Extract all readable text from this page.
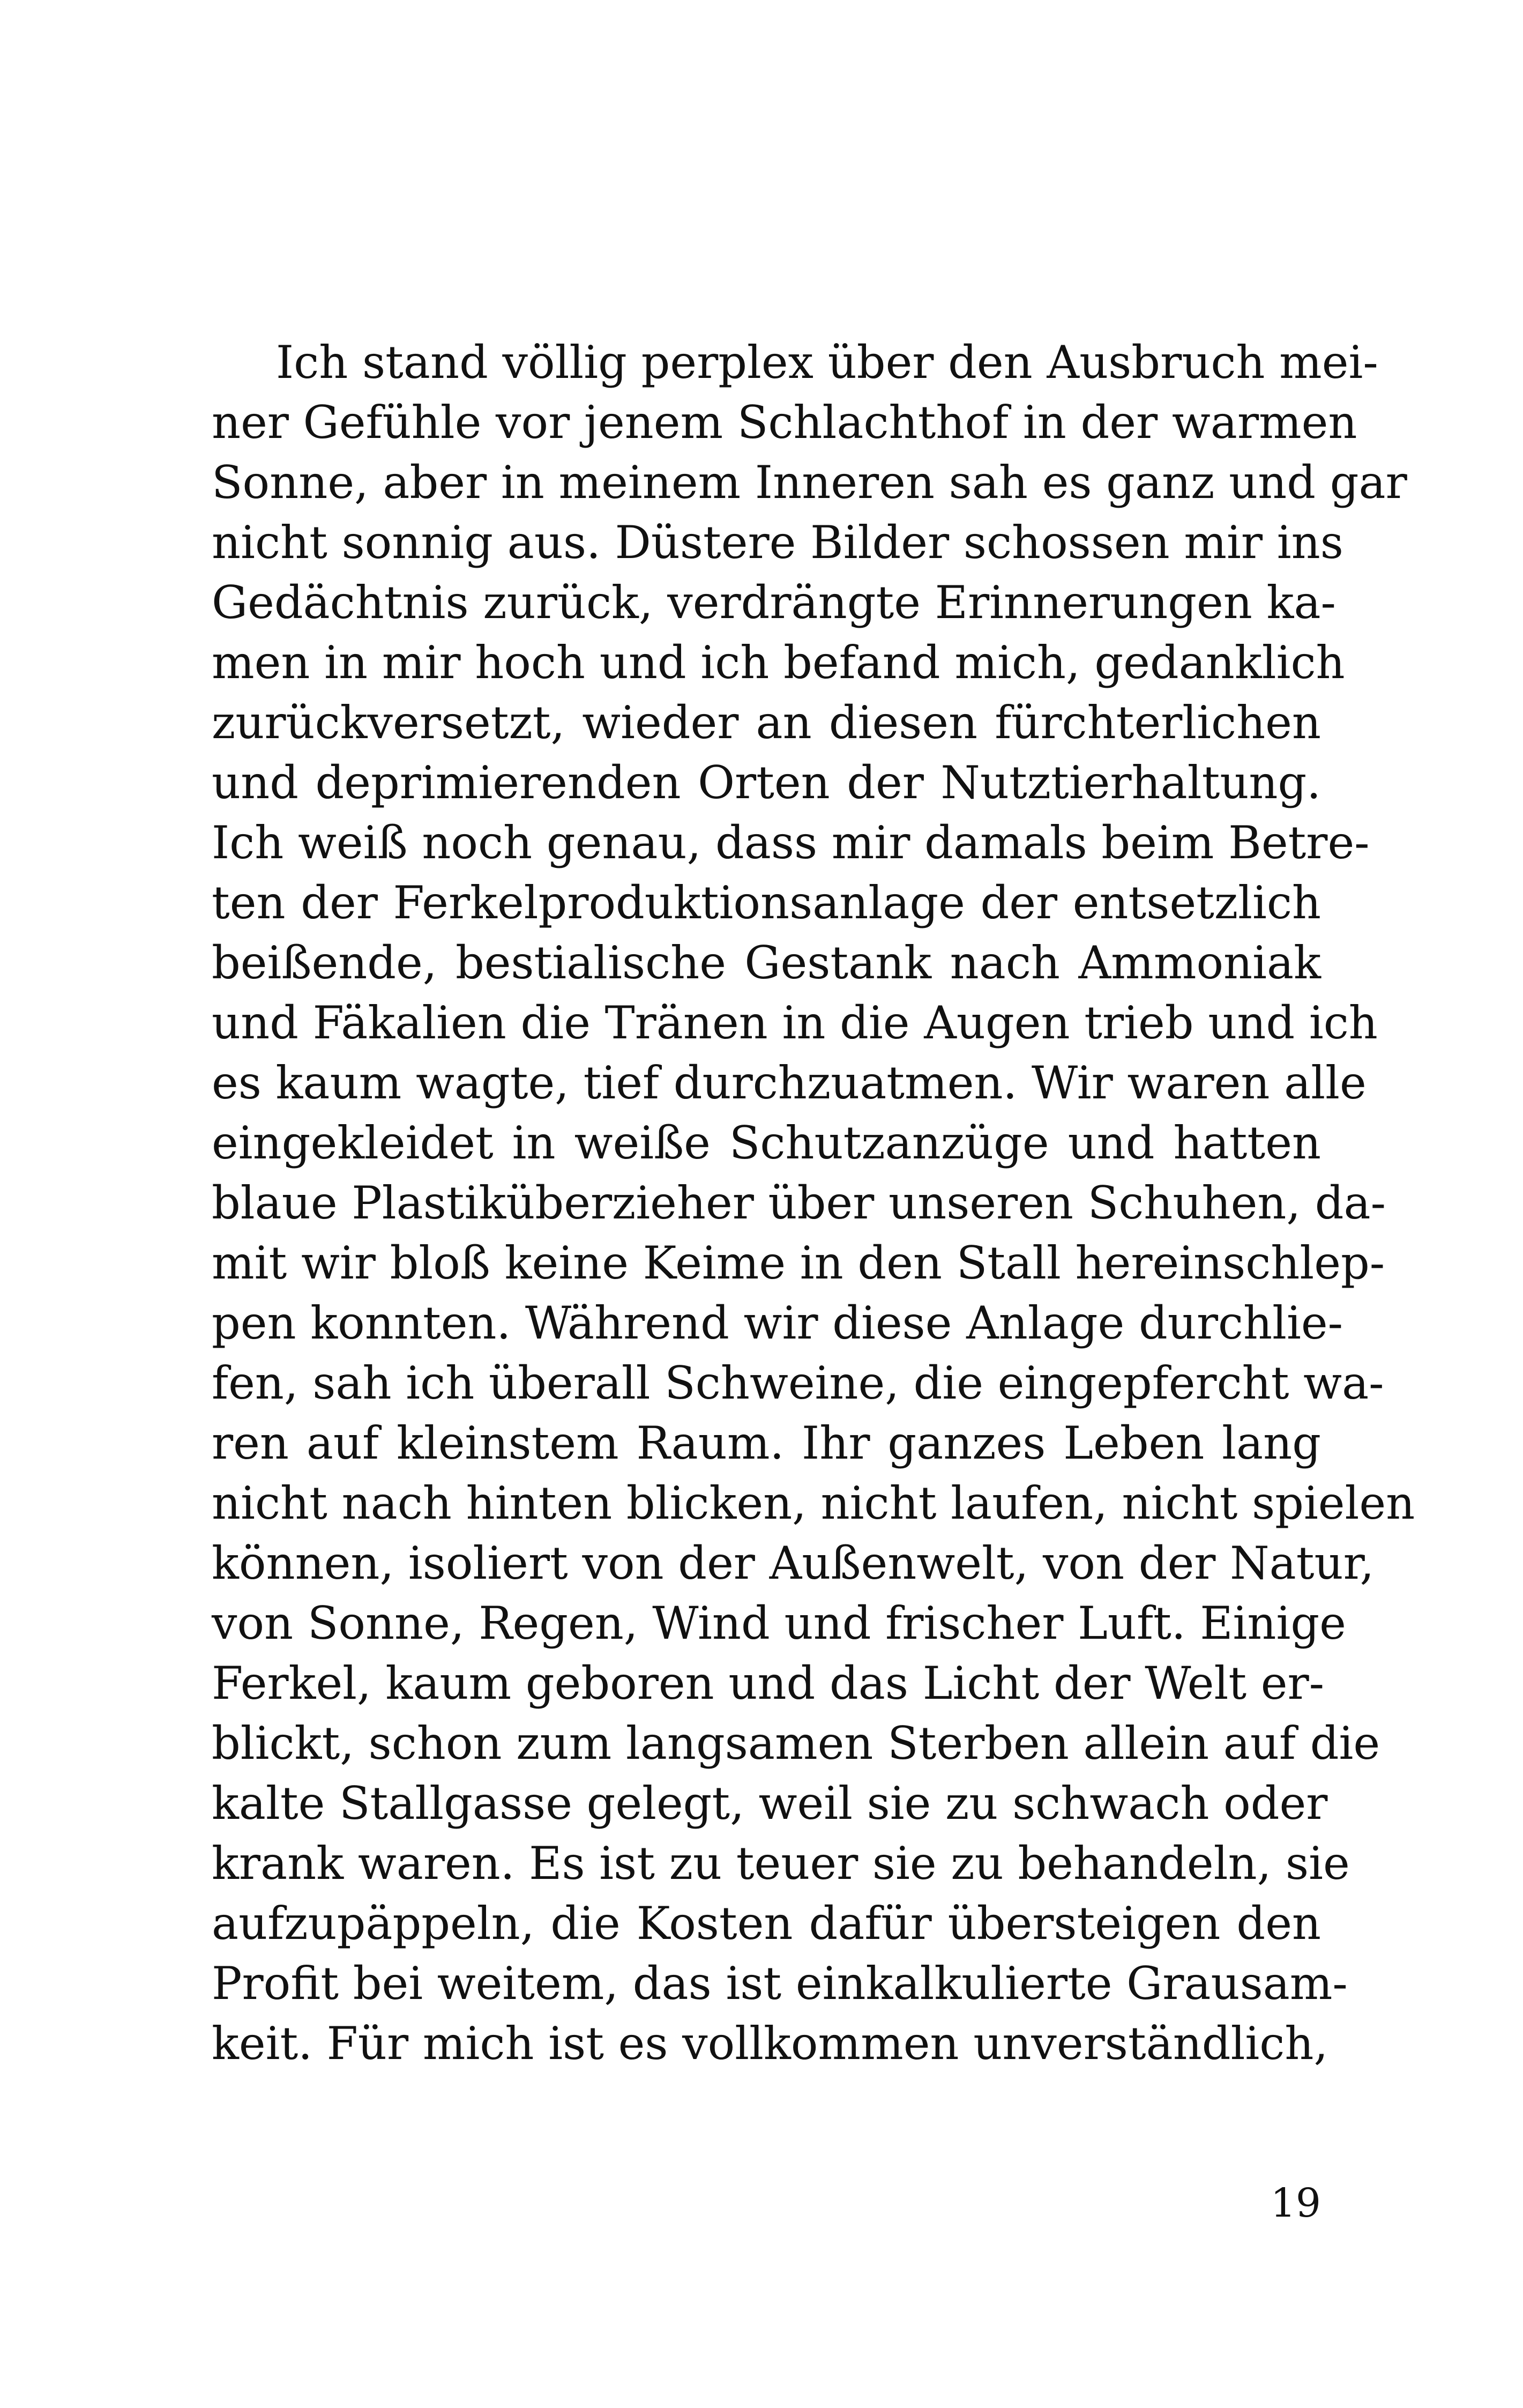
Ich stand völlig perplex über den Ausbruch mei-
ner Gefühle vor jenem Schlachthof in der warmen
Sonne, aber in meinem Inneren sah es ganz und gar
nicht sonnig aus. Düstere Bilder schossen mir ins
Gedächtnis zurück, verdrängte Erinnerungen ka-
men in mir hoch und ich befand mich, gedanklich
zurückversetzt, wieder an diesen fürchterlichen
und deprimierenden Orten der Nutztierhaltung.
Ich weiß noch genau, dass mir damals beim Betre-
ten der Ferkelproduktionsanlage der entsetzlich
beißende, bestialische Gestank nach Ammoniak
und Fäkalien die Tränen in die Augen trieb und ich
es kaum wagte, tief durchzuatmen. Wir waren alle
eingekleidet in weiße Schutzanzüge und hatten
blaue Plastiküberzieher über unseren Schuhen, da-
mit wir bloß keine Keime in den Stall hereinschlep-
pen konnten. Während wir diese Anlage durchlie-
fen, sah ich überall Schweine, die eingepfercht wa-
ren auf kleinstem Raum. Ihr ganzes Leben lang
nicht nach hinten blicken, nicht laufen, nicht spielen
können, isoliert von der Außenwelt, von der Natur,
von Sonne, Regen, Wind und frischer Luft. Einige
Ferkel, kaum geboren und das Licht der Welt er-
blickt, schon zum langsamen Sterben allein auf die
kalte Stallgasse gelegt, weil sie zu schwach oder
krank waren. Es ist zu teuer sie zu behandeln, sie
aufzupäppeln, die Kosten dafür übersteigen den
Profit bei weitem, das ist einkalkulierte Grausam-
keit. Für mich ist es vollkommen unverständlich,
19
